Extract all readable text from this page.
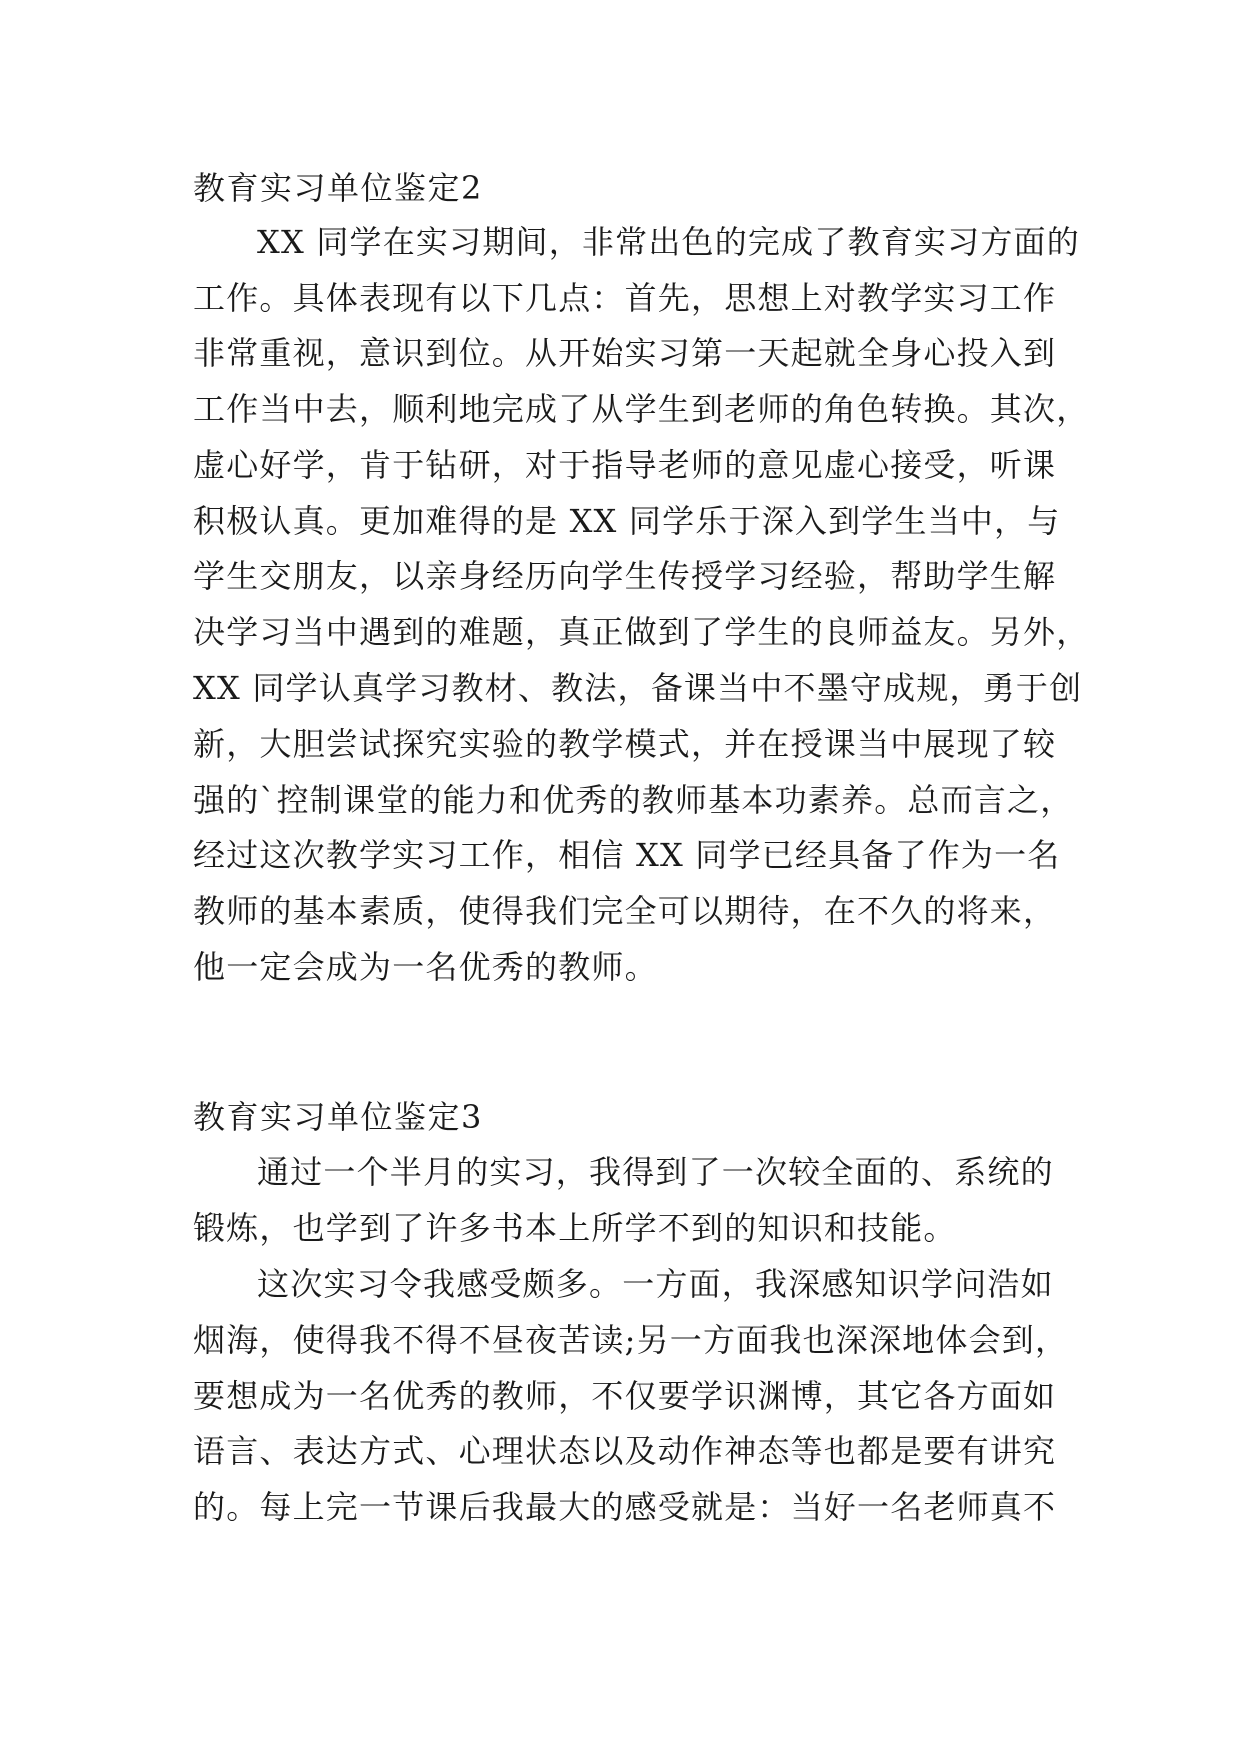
教育实习单位鉴定2
XX 同学在实习期间，非常出色的完成了教育实习方面的
工作。具体表现有以下几点：首先，思想上对教学实习工作
非常重视，意识到位。从开始实习第一天起就全身心投入到
工作当中去，顺利地完成了从学生到老师的角色转换。其次，
虚心好学，肯于钻研，对于指导老师的意见虚心接受，听课
积极认真。更加难得的是 XX 同学乐于深入到学生当中，与
学生交朋友，以亲身经历向学生传授学习经验，帮助学生解
决学习当中遇到的难题，真正做到了学生的良师益友。另外，
XX 同学认真学习教材、教法，备课当中不墨守成规，勇于创
新，大胆尝试探究实验的教学模式，并在授课当中展现了较
强的`控制课堂的能力和优秀的教师基本功素养。总而言之，
经过这次教学实习工作，相信 XX 同学已经具备了作为一名
教师的基本素质，使得我们完全可以期待，在不久的将来，
他一定会成为一名优秀的教师。
教育实习单位鉴定3
通过一个半月的实习，我得到了一次较全面的、系统的
锻炼，也学到了许多书本上所学不到的知识和技能。
这次实习令我感受颇多。一方面，我深感知识学问浩如
烟海，使得我不得不昼夜苦读;另一方面我也深深地体会到，
要想成为一名优秀的教师，不仅要学识渊博，其它各方面如
语言、表达方式、心理状态以及动作神态等也都是要有讲究
的。每上完一节课后我最大的感受就是：当好一名老师真不
